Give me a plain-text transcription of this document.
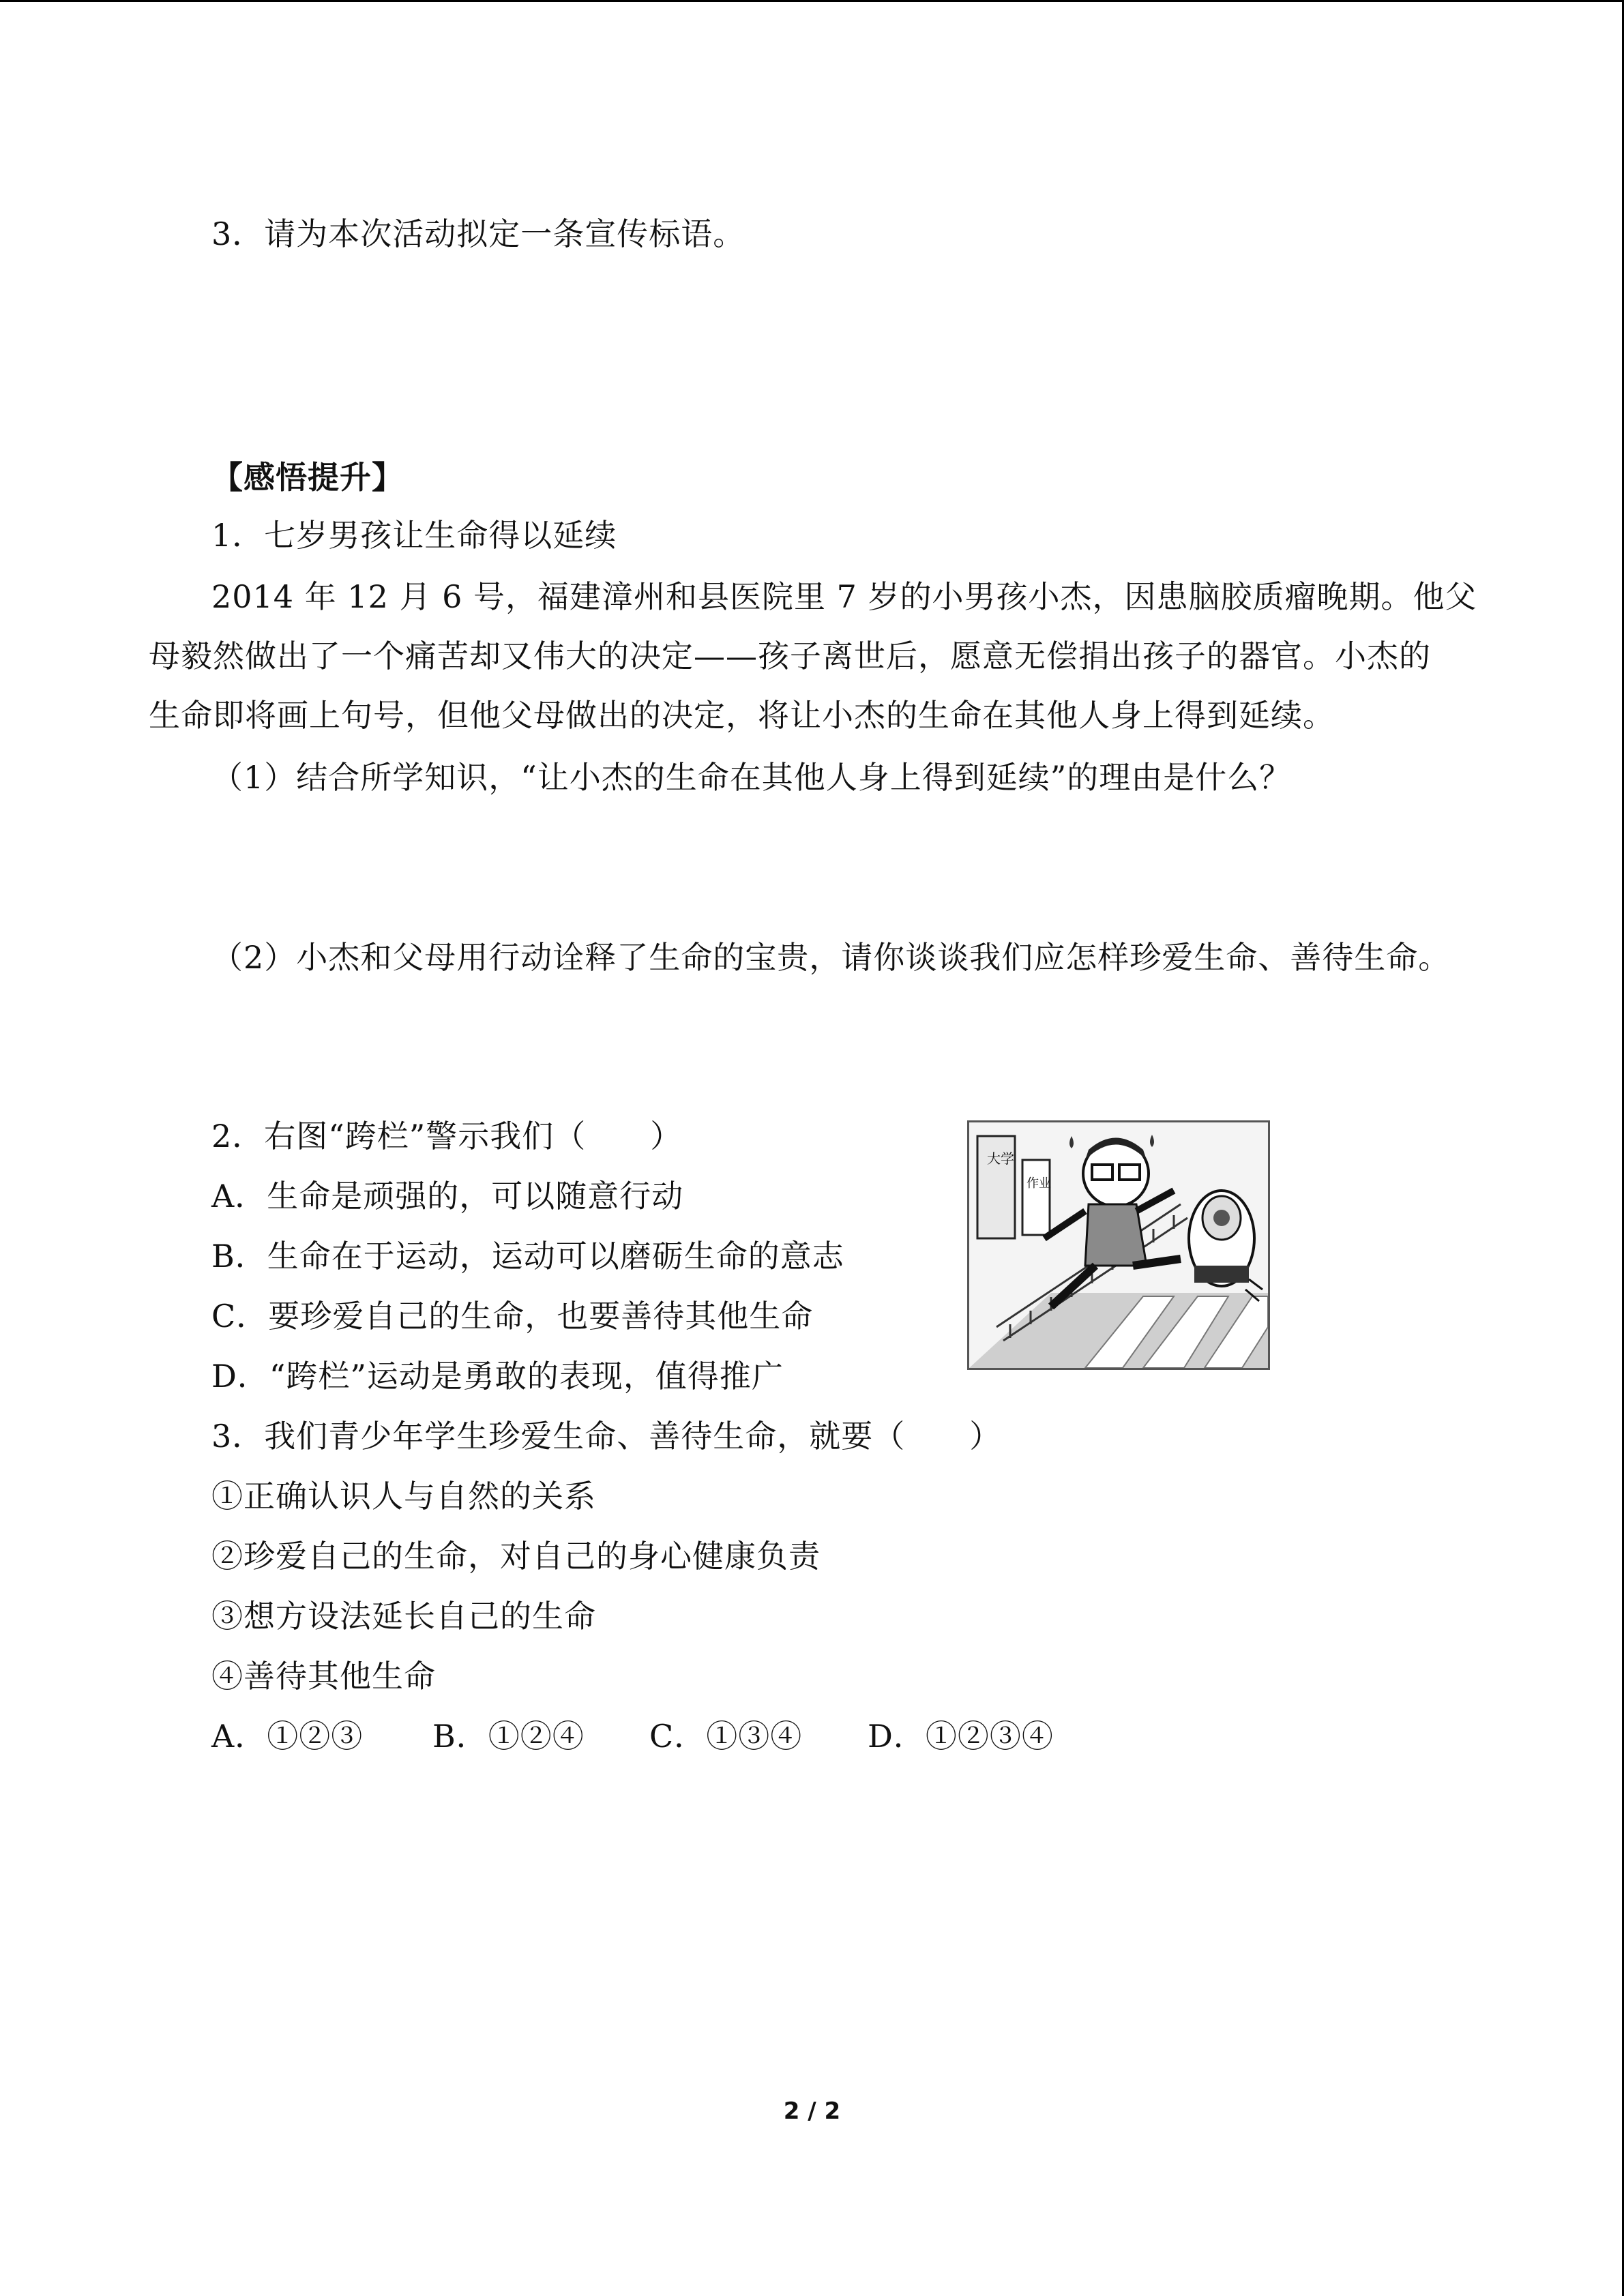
3．请为本次活动拟定一条宣传标语。
【感悟提升】
1．七岁男孩让生命得以延续
2014 年 12 月 6 号，福建漳州和县医院里 7 岁的小男孩小杰，因患脑胶质瘤晚期。他父
母毅然做出了一个痛苦却又伟大的决定——孩子离世后，愿意无偿捐出孩子的器官。小杰的
生命即将画上句号，但他父母做出的决定，将让小杰的生命在其他人身上得到延续。
（1）结合所学知识，“让小杰的生命在其他人身上得到延续”的理由是什么？
（2）小杰和父母用行动诠释了生命的宝贵，请你谈谈我们应怎样珍爱生命、善待生命。
2．右图“跨栏”警示我们（　　）
A．生命是顽强的，可以随意行动
B．生命在于运动，运动可以磨砺生命的意志
C．要珍爱自己的生命，也要善待其他生命
D．“跨栏”运动是勇敢的表现，值得推广
大学
作业
3．我们青少年学生珍爱生命、善待生命，就要（　　）
①正确认识人与自然的关系
②珍爱自己的生命，对自己的身心健康负责
③想方设法延长自己的生命
④善待其他生命
A．①②③ B．①②④ C．①③④ D．①②③④
2 / 2
